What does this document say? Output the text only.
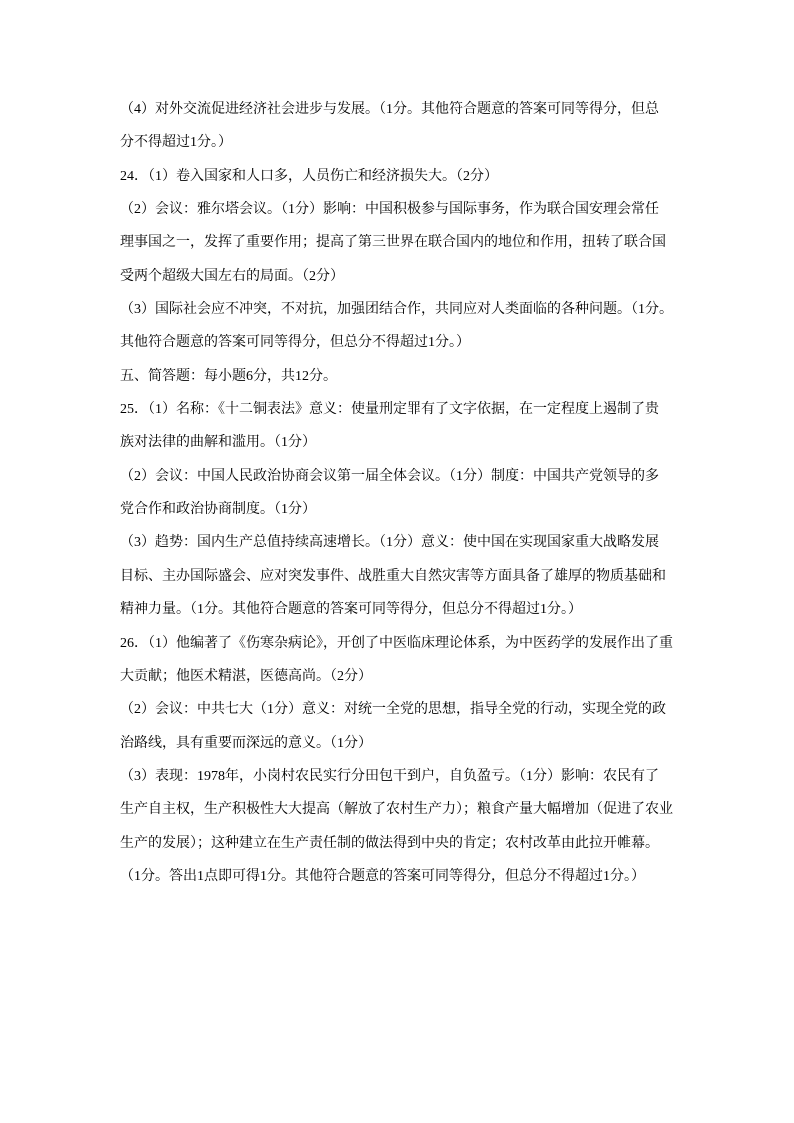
（4）对外交流促进经济社会进步与发展。（1分。其他符合题意的答案可同等得分，但总

分不得超过1分。）

24．（1）卷入国家和人口多，人员伤亡和经济损失大。（2分）

（2）会议：雅尔塔会议。（1分）影响：中国积极参与国际事务，作为联合国安理会常任

理事国之一，发挥了重要作用；提高了第三世界在联合国内的地位和作用，扭转了联合国

受两个超级大国左右的局面。（2分）

（3）国际社会应不冲突，不对抗，加强团结合作，共同应对人类面临的各种问题。（1分。

其他符合题意的答案可同等得分，但总分不得超过1分。）

五、简答题：每小题6分，共12分。

25．（1）名称：《十二铜表法》意义：使量刑定罪有了文字依据，在一定程度上遏制了贵

族对法律的曲解和滥用。（1分）

（2）会议：中国人民政治协商会议第一届全体会议。（1分）制度：中国共产党领导的多

党合作和政治协商制度。（1分）

（3）趋势：国内生产总值持续高速增长。（1分）意义：使中国在实现国家重大战略发展

目标、主办国际盛会、应对突发事件、战胜重大自然灾害等方面具备了雄厚的物质基础和

精神力量。（1分。其他符合题意的答案可同等得分，但总分不得超过1分。）

26．（1）他编著了《伤寒杂病论》，开创了中医临床理论体系，为中医药学的发展作出了重

大贡献；他医术精湛，医德高尚。（2分）

（2）会议：中共七大（1分）意义：对统一全党的思想，指导全党的行动，实现全党的政

治路线，具有重要而深远的意义。（1分）

（3）表现：1978年，小岗村农民实行分田包干到户，自负盈亏。（1分）影响：农民有了

生产自主权，生产积极性大大提高（解放了农村生产力）；粮食产量大幅增加（促进了农业

生产的发展）；这种建立在生产责任制的做法得到中央的肯定；农村改革由此拉开帷幕。

（1分。答出1点即可得1分。其他符合题意的答案可同等得分，但总分不得超过1分。）
